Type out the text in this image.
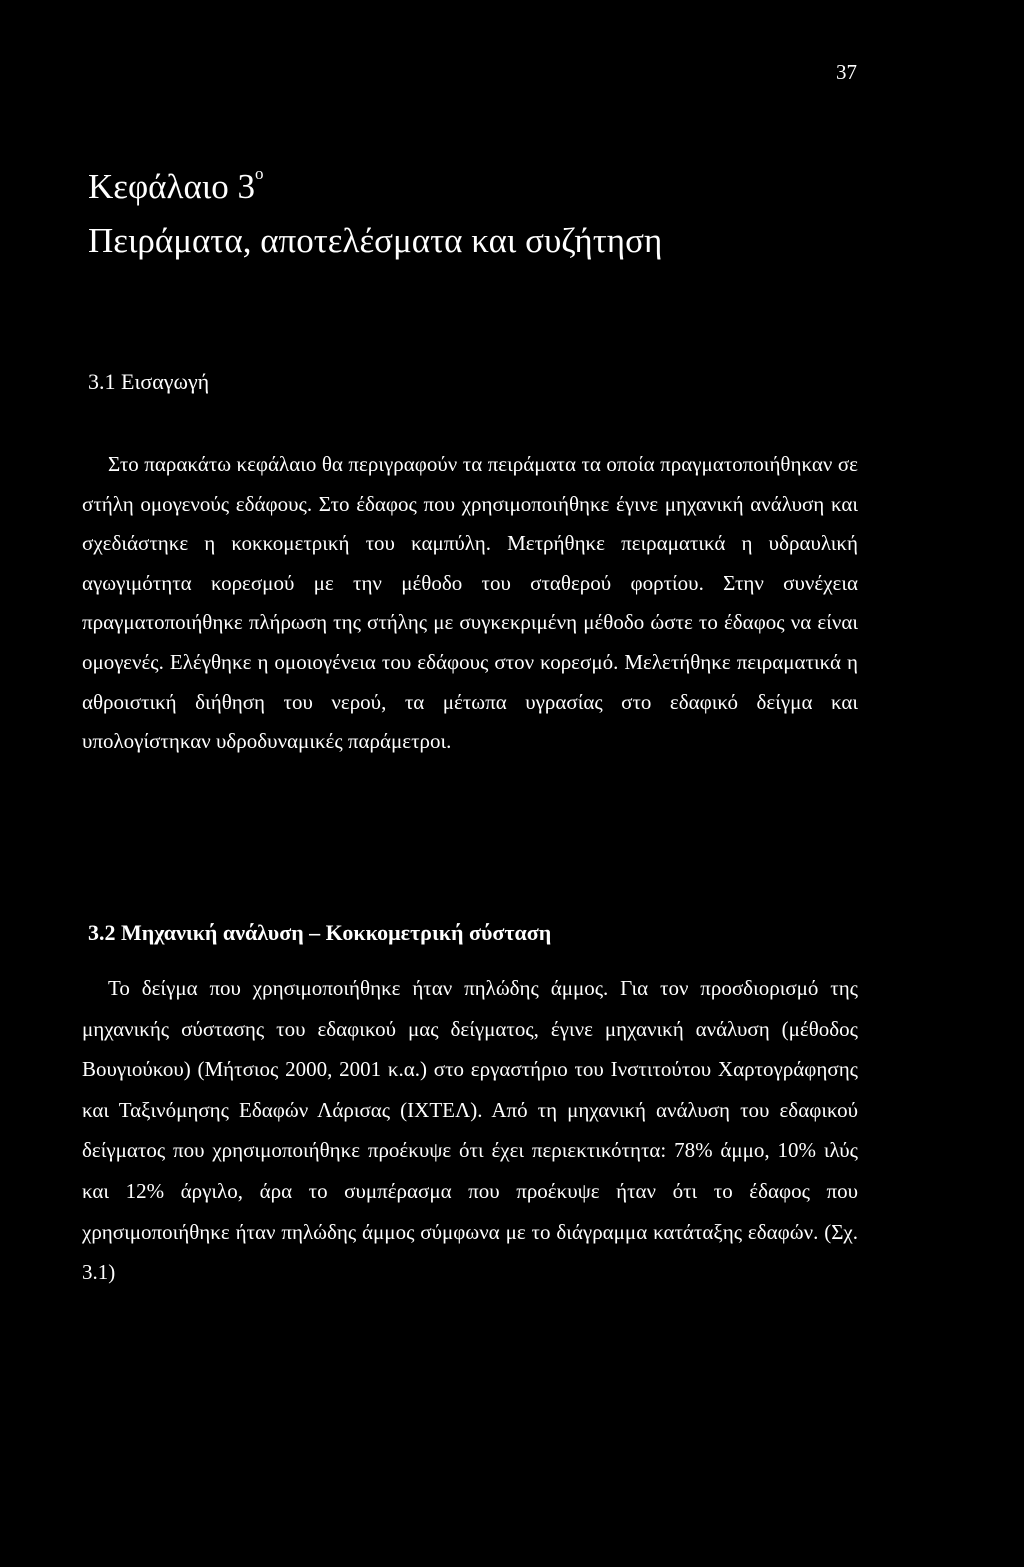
37
Κεφάλαιο $3^o$
Πειράματα, αποτελέσματα και συζήτηση
3.1 Εισαγωγή

Στο παρακάτω κεφάλαιο θα περιγραφούν τα πειράματα τα οποία πραγματοποιήθηκαν σε στήλη ομογενούς εδάφους. Στο έδαφος που χρησιμοποιήθηκε έγινε μηχανική ανάλυση και σχεδιάστηκε η κοκκομετρική του καμπύλη. Μετρήθηκε πειραματικά η υδραυλική αγωγιμότητα κορεσμού με την μέθοδο του σταθερού φορτίου. Στην συνέχεια πραγματοποιήθηκε πλήρωση της στήλης με συγκεκριμένη μέθοδο ώστε το έδαφος να είναι ομογενές. Ελέγθηκε η ομοιογένεια του εδάφους στον κορεσμό. Μελετήθηκε πειραματικά η αθροιστική διήθηση του νερού, τα μέτωπα υγρασίας στο εδαφικό δείγμα και υπολογίστηκαν υδροδυναμικές παράμετροι.

3.2 Μηχανική ανάλυση – Κοκκομετρική σύσταση

Το δείγμα που χρησιμοποιήθηκε ήταν πηλώδης άμμος. Για τον προσδιορισμό της μηχανικής σύστασης του εδαφικού μας δείγματος, έγινε μηχανική ανάλυση (μέθοδος Βουγιούκου) (Μήτσιος 2000, 2001 κ.α.) στο εργαστήριο του Ινστιτούτου Χαρτογράφησης και Ταξινόμησης Εδαφών Λάρισας (ΙΧΤΕΛ). Από τη μηχανική ανάλυση του εδαφικού δείγματος που χρησιμοποιήθηκε προέκυψε ότι έχει περιεκτικότητα: 78% άμμο, 10% ιλύς και 12% άργιλο, άρα το συμπέρασμα που προέκυψε ήταν ότι το έδαφος που χρησιμοποιήθηκε ήταν πηλώδης άμμος σύμφωνα με το διάγραμμα κατάταξης εδαφών. (Σχ. 3.1)
